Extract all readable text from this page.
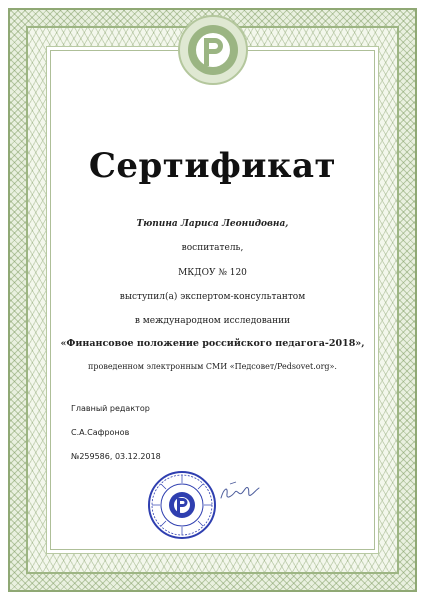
Сертификат
Тюпина Лариса Леонидовна,
воспитатель,
МКДОУ № 120
выступил(а) экспертом-консультантом
в международном исследовании
«Финансовое положение российского педагога-2018»,
проведенном электронным СМИ «Педсовет/Pedsovet.org».
Главный редактор
С.А.Сафронов
№259586, 03.12.2018
